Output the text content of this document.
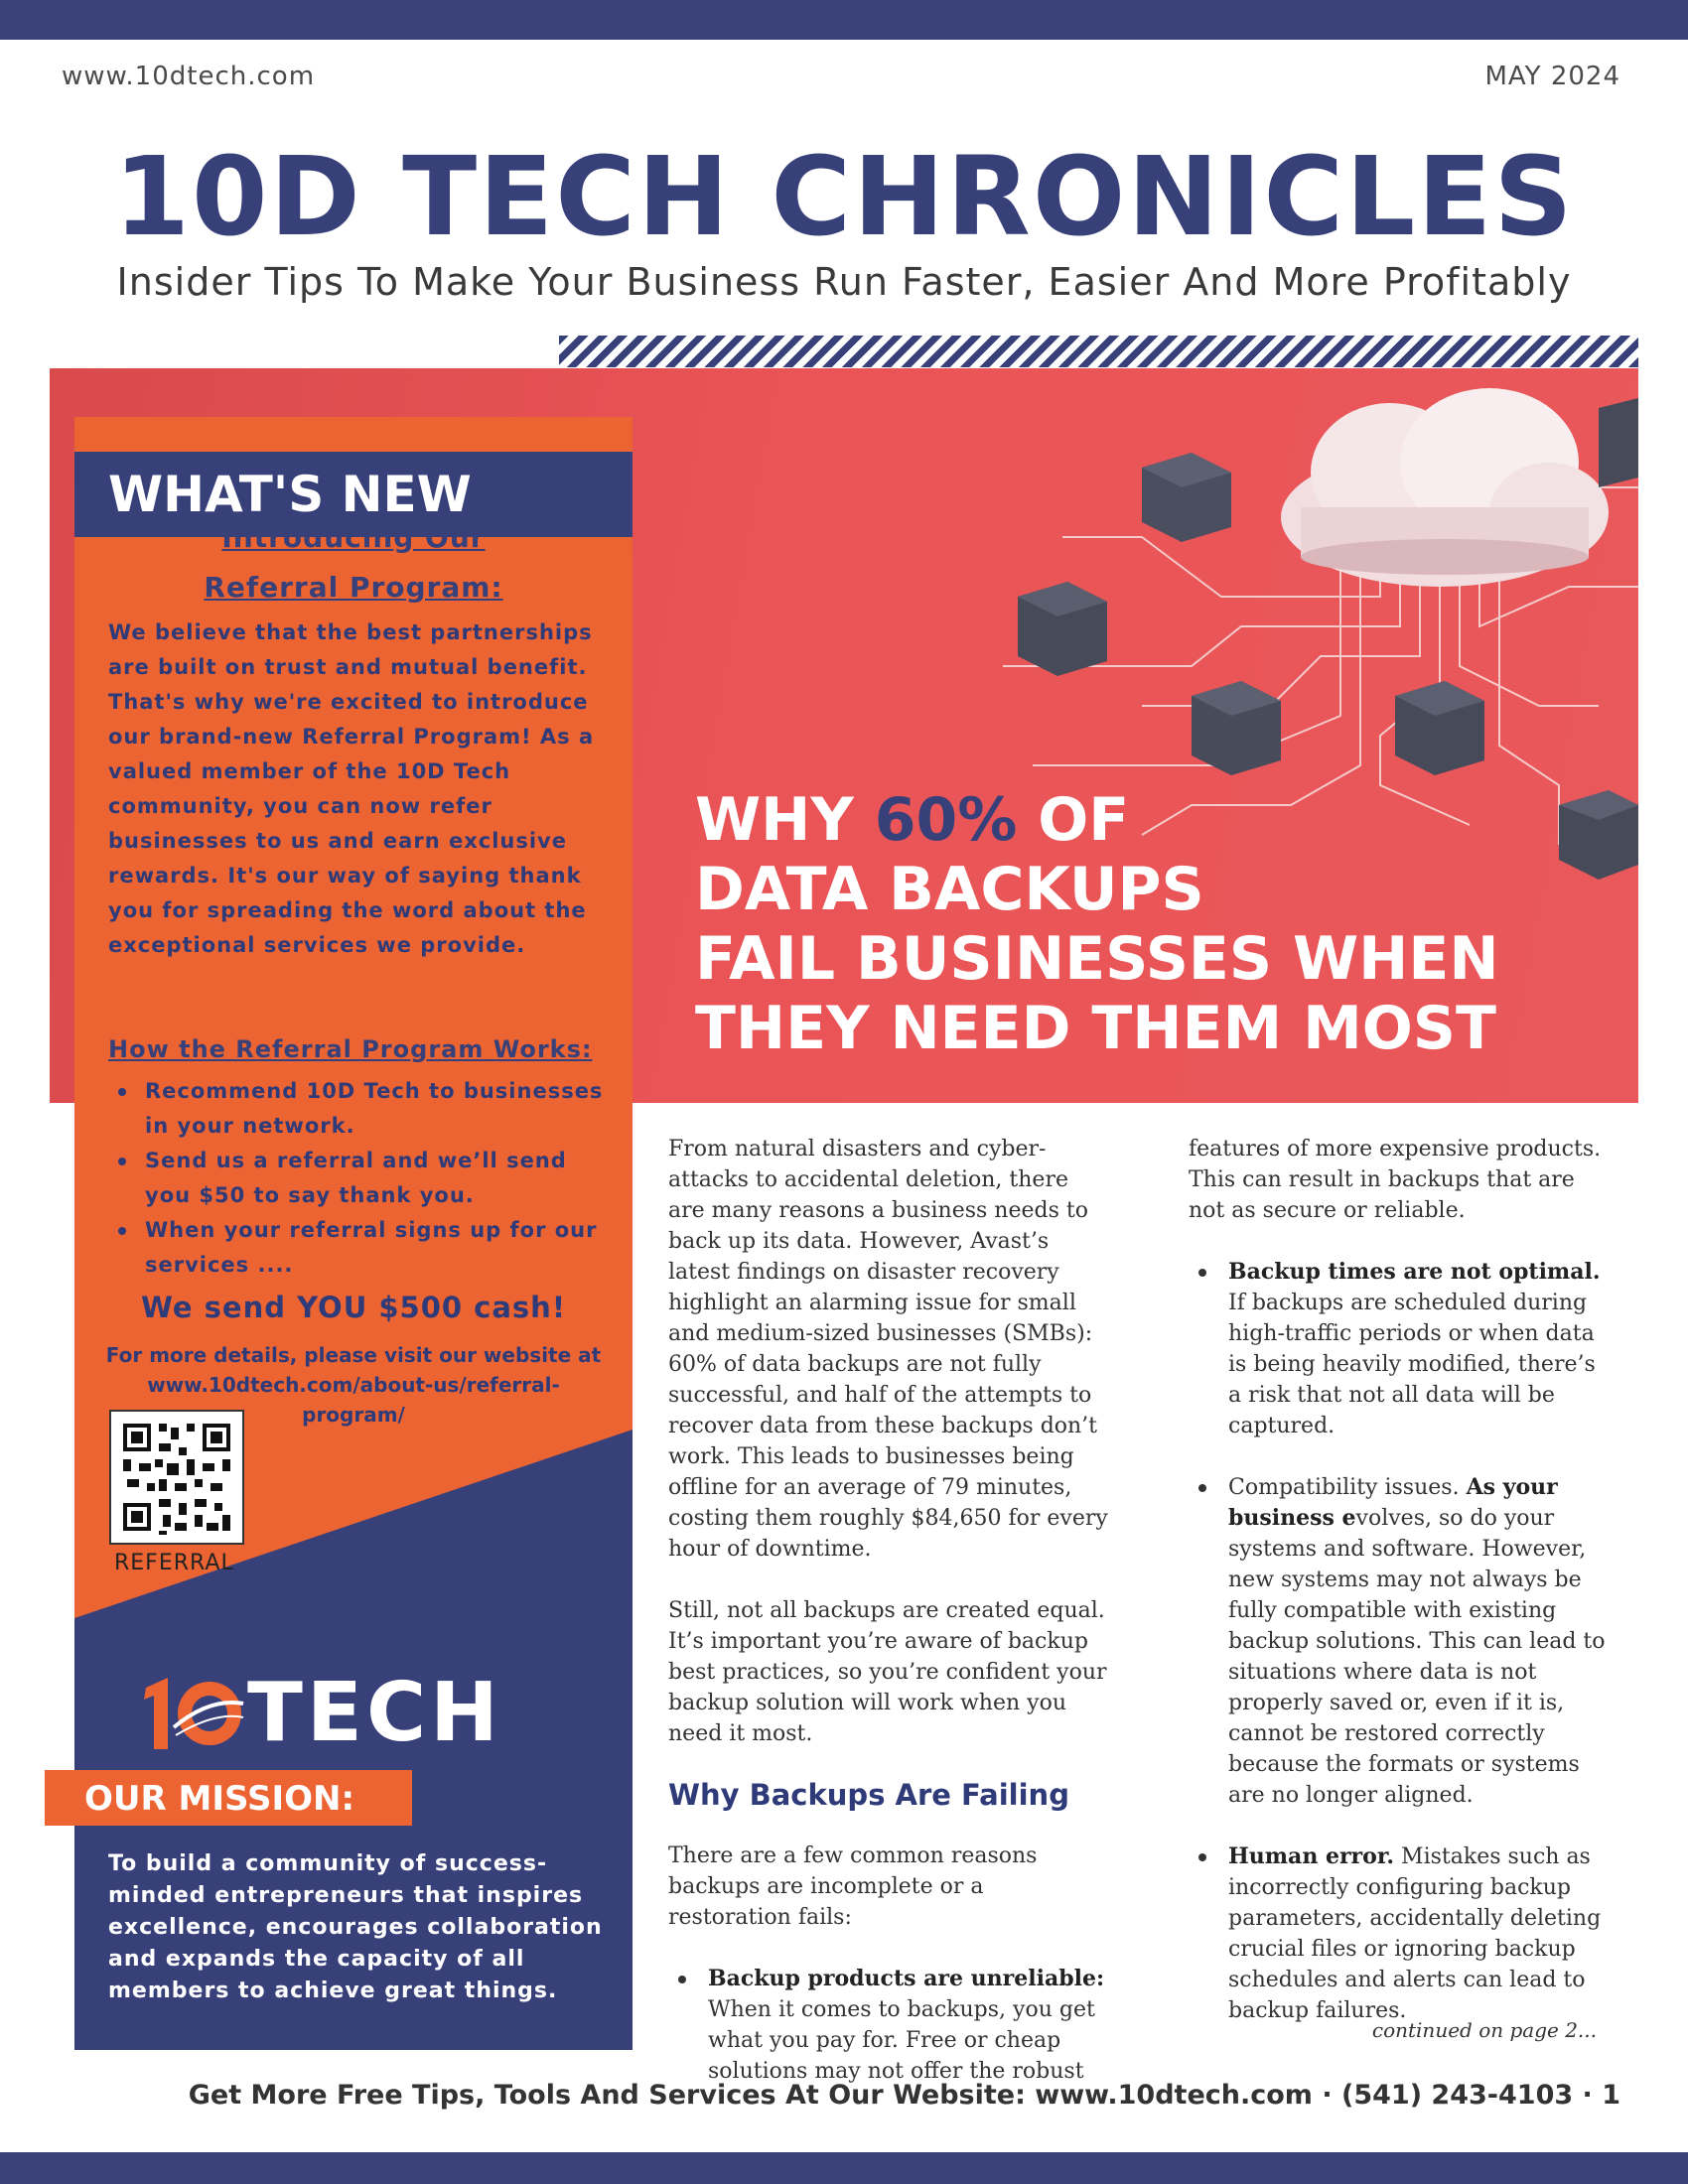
www.10dtech.com	MAY 2024
10D TECH CHRONICLES
Insider Tips To Make Your Business Run Faster, Easier And More Profitably
WHY 60% OF
DATA BACKUPS
FAIL BUSINESSES WHEN
THEY NEED THEM MOST
WHAT'S NEW
Introducing Our
Referral Program:
We believe that the best partnerships are built on trust and mutual benefit. That's why we're excited to introduce our brand-new Referral Program! As a valued member of the 10D Tech community, you can now refer businesses to us and earn exclusive rewards. It's our way of saying thank you for spreading the word about the exceptional services we provide.
How the Referral Program Works:
Recommend 10D Tech to businesses in your network.
Send us a referral and we’ll send you $50 to say thank you.
When your referral signs up for our services ....
We send YOU $500 cash!
For more details, please visit our website at
www.10dtech.com/about-us/referral-
program/
REFERRAL
TECH
OUR MISSION:
To build a community of success-minded entrepreneurs that inspires excellence, encourages collaboration and expands the capacity of all members to achieve great things.

From natural disasters and cyber-attacks to accidental deletion, there are many reasons a business needs to back up its data. However, Avast’s latest findings on disaster recovery highlight an alarming issue for small and medium-sized businesses (SMBs): 60% of data backups are not fully successful, and half of the attempts to recover data from these backups don’t work. This leads to businesses being offline for an average of 79 minutes, costing them roughly $84,650 for every hour of downtime.

Still, not all backups are created equal. It’s important you’re aware of backup best practices, so you’re confident your backup solution will work when you need it most.

Why Backups Are Failing

There are a few common reasons backups are incomplete or a restoration fails:

Backup products are unreliable: When it comes to backups, you get what you pay for. Free or cheap solutions may not offer the robust

features of more expensive products. This can result in backups that are not as secure or reliable.

Backup times are not optimal. If backups are scheduled during high-traffic periods or when data is being heavily modified, there’s a risk that not all data will be captured.
Compatibility issues. As your business evolves, so do your systems and software. However, new systems may not always be fully compatible with existing backup solutions. This can lead to situations where data is not properly saved or, even if it is, cannot be restored correctly because the formats or systems are no longer aligned.
Human error. Mistakes such as incorrectly configuring backup parameters, accidentally deleting crucial files or ignoring backup schedules and alerts can lead to backup failures.
continued on page 2...
Get More Free Tips, Tools And Services At Our Website: www.10dtech.com · (541) 243-4103 · 1
